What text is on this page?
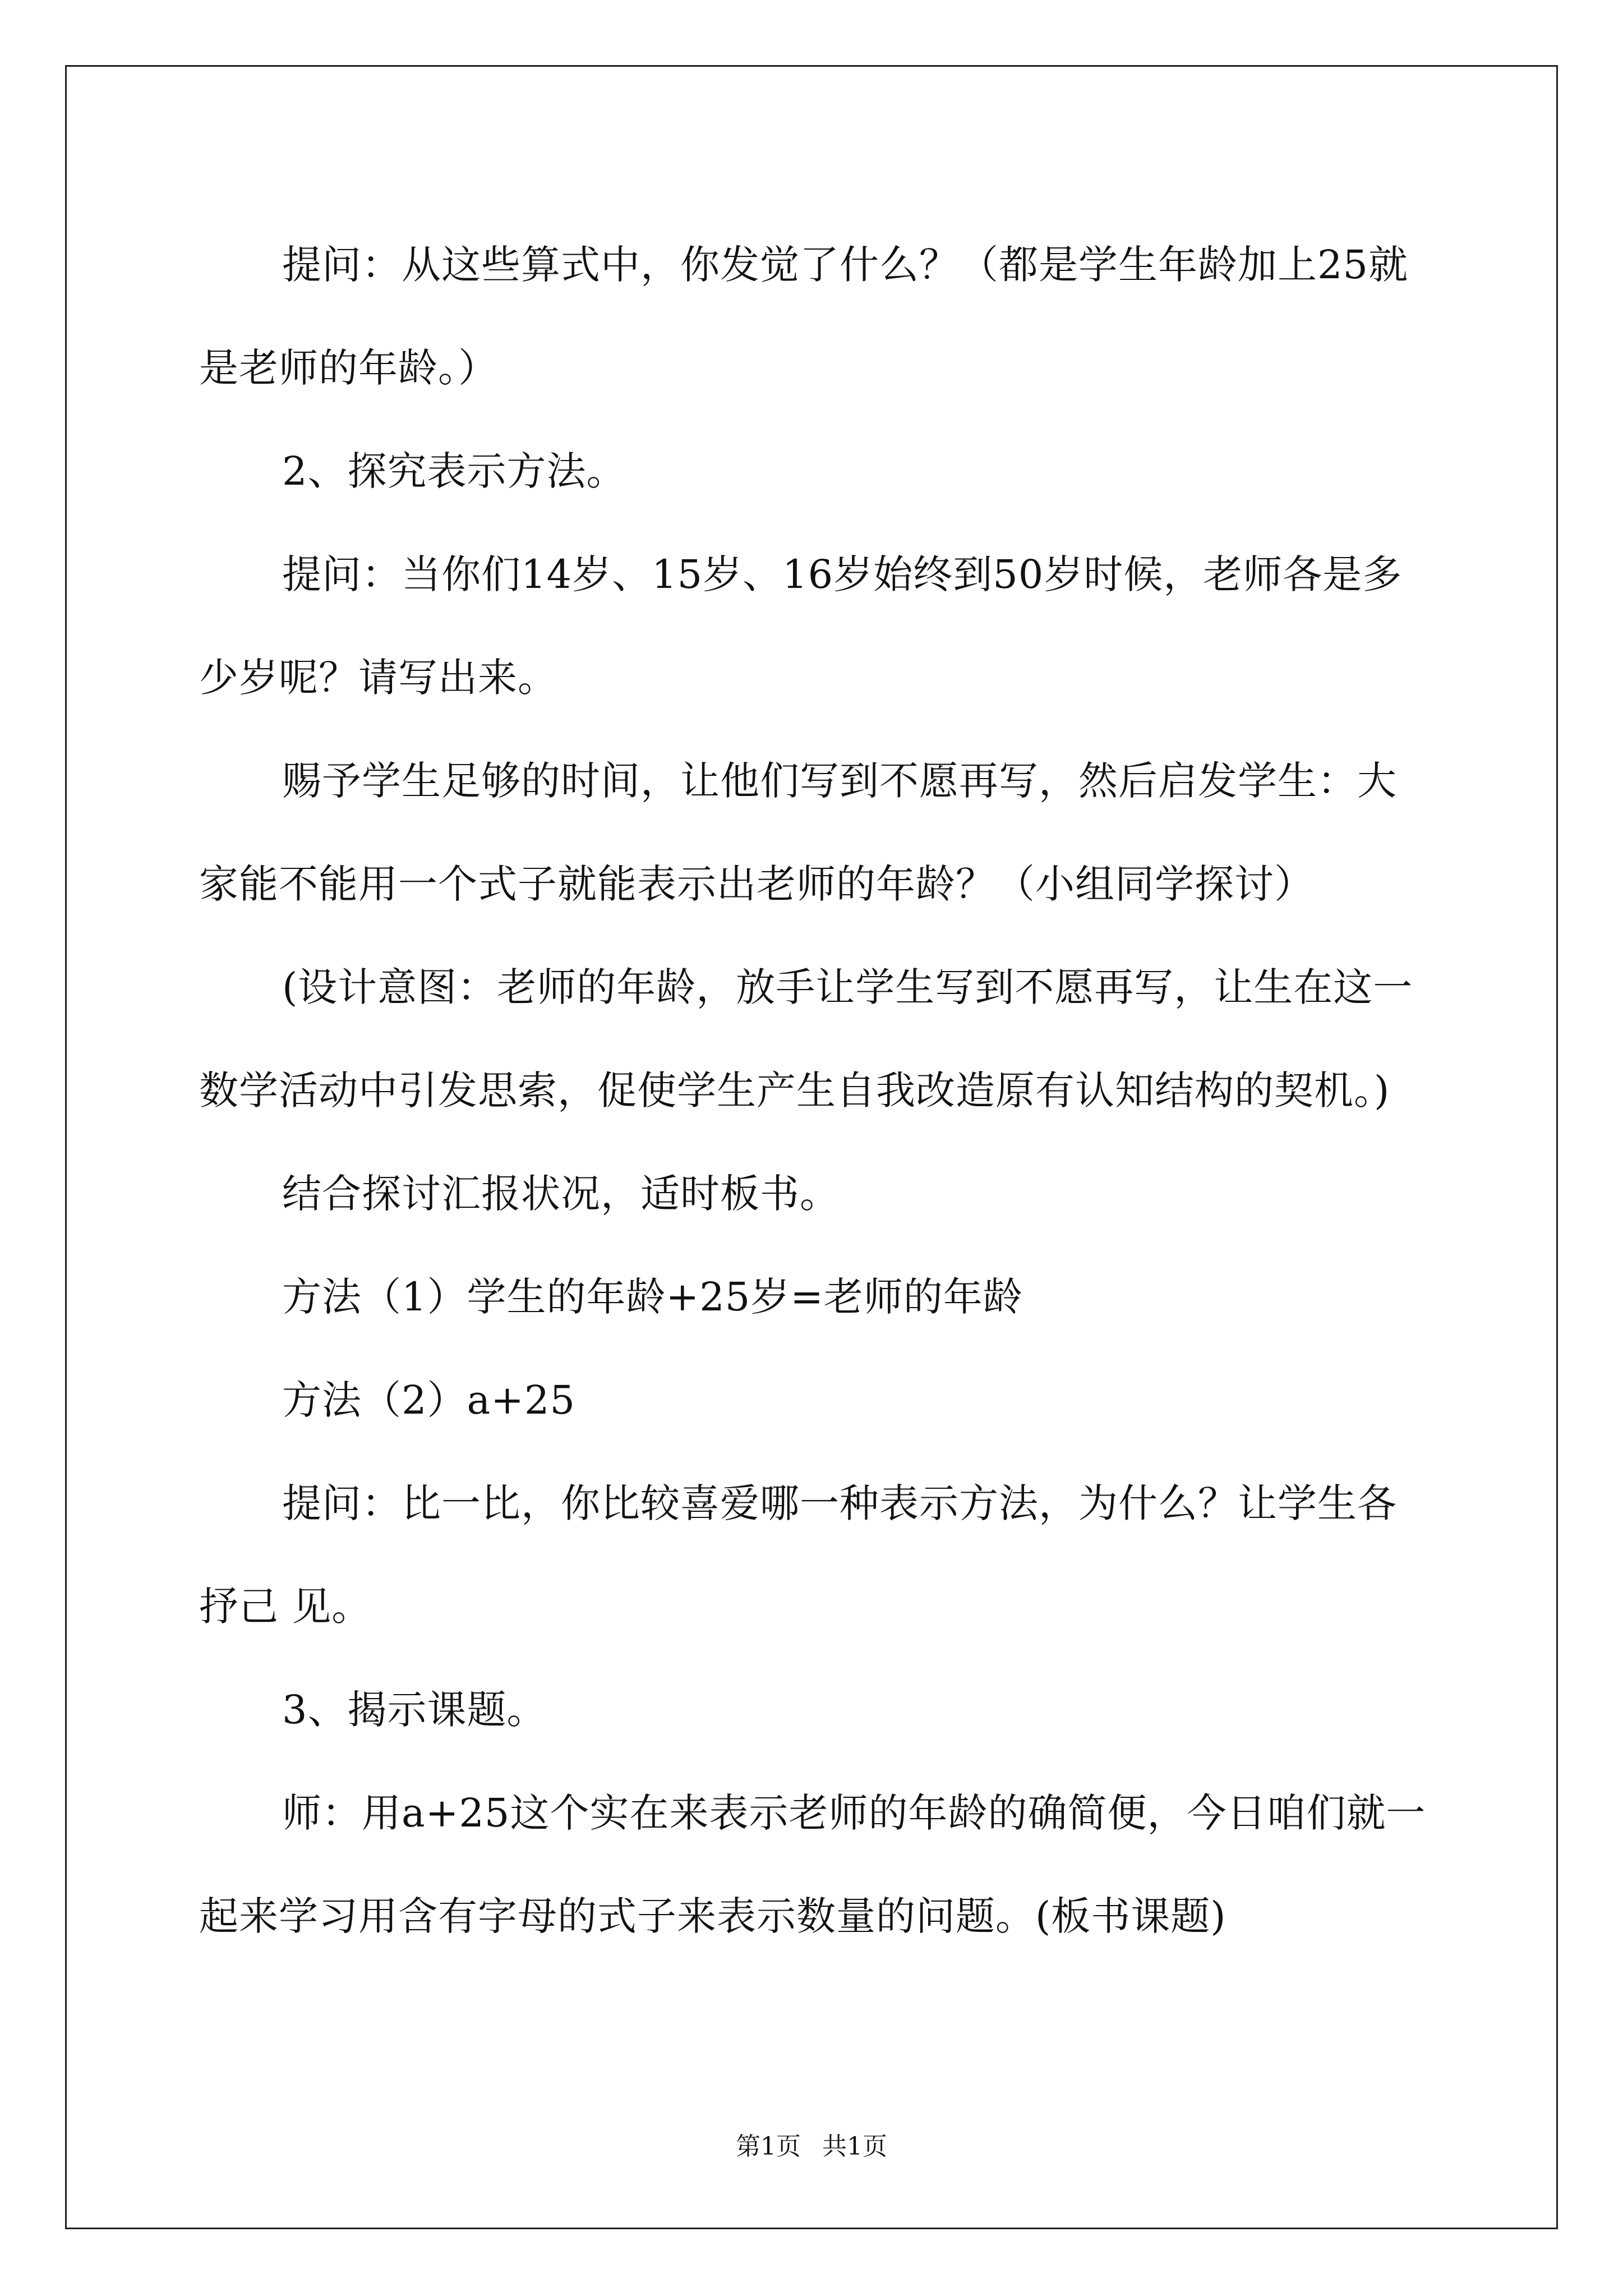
提问：从这些算式中，你发觉了什么？（都是学生年龄加上25就是老师的年龄。）

2、探究表示方法。

提问：当你们14岁、15岁、16岁始终到50岁时候，老师各是多少岁呢？请写出来。

赐予学生足够的时间，让他们写到不愿再写，然后启发学生：大家能不能用一个式子就能表示出老师的年龄？（小组同学探讨）

(设计意图：老师的年龄，放手让学生写到不愿再写，让生在这一数学活动中引发思索，促使学生产生自我改造原有认知结构的契机。)

结合探讨汇报状况，适时板书。

方法（1）学生的年龄+25岁=老师的年龄

方法（2）a+25

提问：比一比，你比较喜爱哪一种表示方法，为什么？让学生各抒己 见。

3、揭示课题。

师：用a+25这个实在来表示老师的年龄的确简便，今日咱们就一起来学习用含有字母的式子来表示数量的问题。(板书课题)

第1页 共1页
